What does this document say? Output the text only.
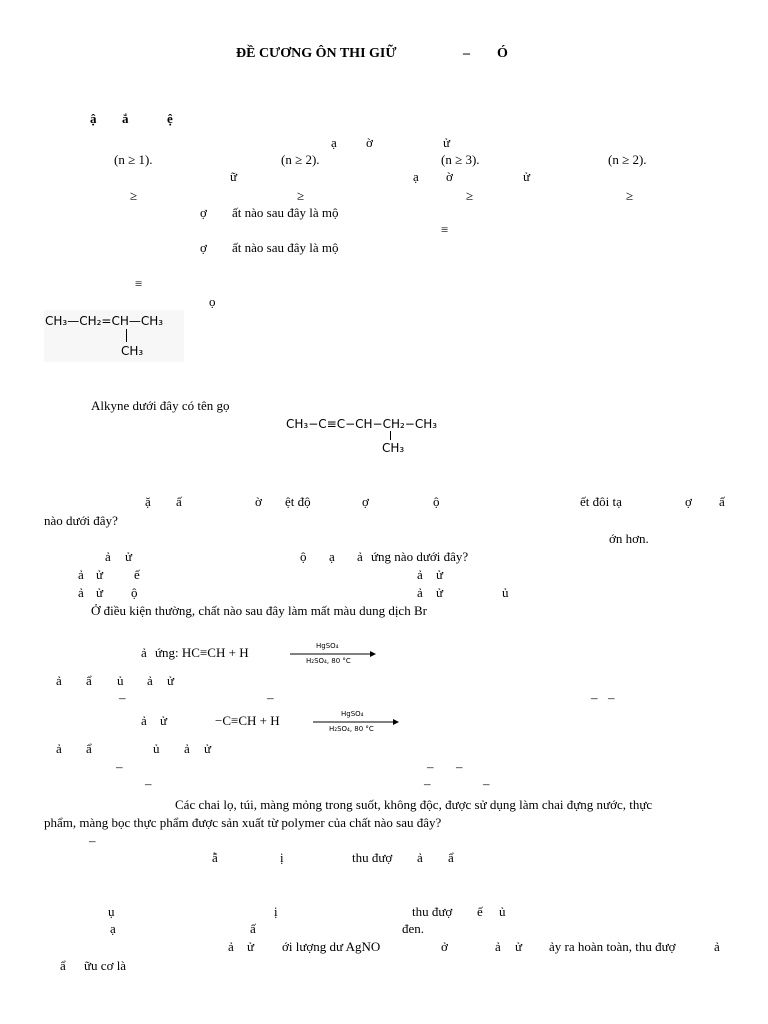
ĐỀ CƯƠNG ÔN THI GIỮ	– Ó
ậ ắ	ệ
ạ ờ	ử
(n ≥ 1).	(n ≥ 2).	(n ≥ 3).	(n ≥ 2).
ữ	ạ ờ	ử
≥	≥	≥	≥
ợ ất nào sau đây là mộ
≡
ợ ất nào sau đây là mộ
≡
ọ
CH₃—CH₂=CH—CH₃
CH₃
Alkyne dưới đây có tên gọ
CH₃−C≡C−CH−CH₂−CH₃
CH₃
ặ ấ	ờ ệt độ	ợ	ộ	ết đôi tạ	ợ ấ
nào dưới đây?
ớn hơn.
ả ử	ộ ạ ả ứng nào dưới đây?
ả ử ế	ả ử
ả ử ộ	ả ử	ủ
Ở điều kiện thường, chất nào sau đây làm mất màu dung dịch Br
ả ứng: HC≡CH + H	HgSO₄
H₂SO₄, 80 °C
ả ẩ ủ ả ử
–	–	– –
ả ử	−C≡CH + H	HgSO₄
H₂SO₄, 80 °C
ả ẩ	ủ ả ử
–	– –
–	–	–
Các chai lọ, túi, màng mỏng trong suốt, không độc, được sử dụng làm chai đựng nước, thực
phẩm, màng bọc thực phẩm được sản xuất từ polymer của chất nào sau đây?
–
ẫ	ị	thu đượ ả ẩ
ụ	ị	thu đượ ế ủ
ạ	ấ	đen.
ả ử ới lượng dư AgNO	ở	ả ử ảy ra hoàn toàn, thu đượ	ả
ẩ ữu cơ là
